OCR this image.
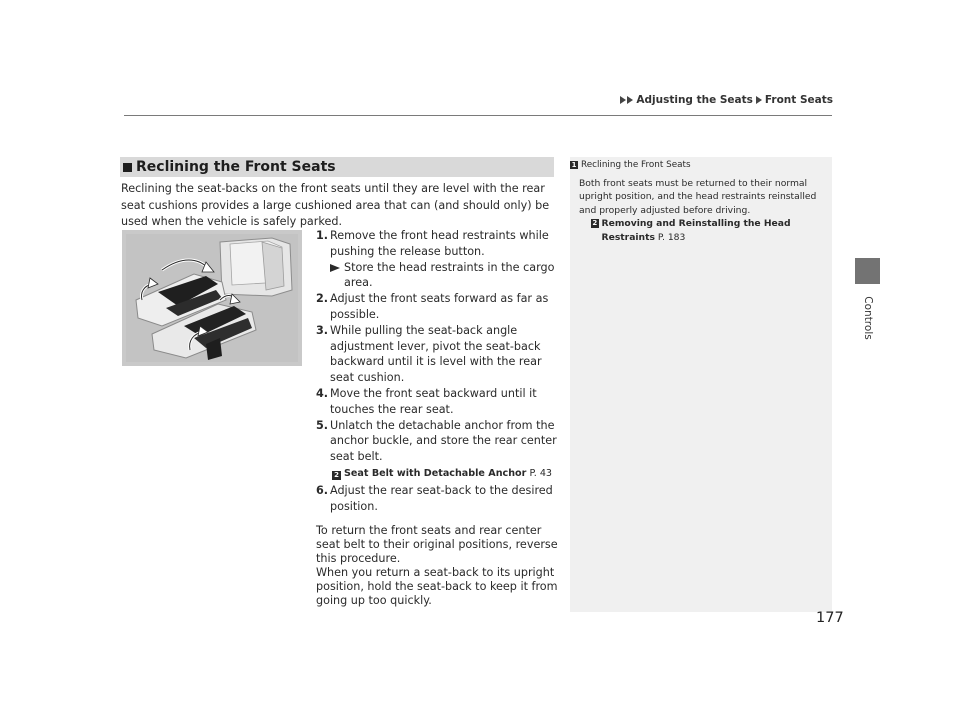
Adjusting the Seats Front Seats
Controls
Reclining the Front Seats

Reclining the seat-backs on the front seats until they are level with the rear seat cushions provides a large cushioned area that can (and should only) be used when the vehicle is safely parked.

1. Remove the front head restraints while pushing the release button.
Store the head restraints in the cargo area.
2. Adjust the front seats forward as far as possible.
3. While pulling the seat-back angle adjustment lever, pivot the seat-back backward until it is level with the rear seat cushion.
4. Move the front seat backward until it touches the rear seat.
5. Unlatch the detachable anchor from the anchor buckle, and store the rear center seat belt.
2 Seat Belt with Detachable Anchor P. 43
6. Adjust the rear seat-back to the desired position.
To return the front seats and rear center seat belt to their original positions, reverse this procedure.
When you return a seat-back to its upright position, hold the seat-back to keep it from going up too quickly.
1 Reclining the Front Seats
Both front seats must be returned to their normal upright position, and the head restraints reinstalled and properly adjusted before driving.
2 Removing and Reinstalling the Head Restraints P. 183
177
